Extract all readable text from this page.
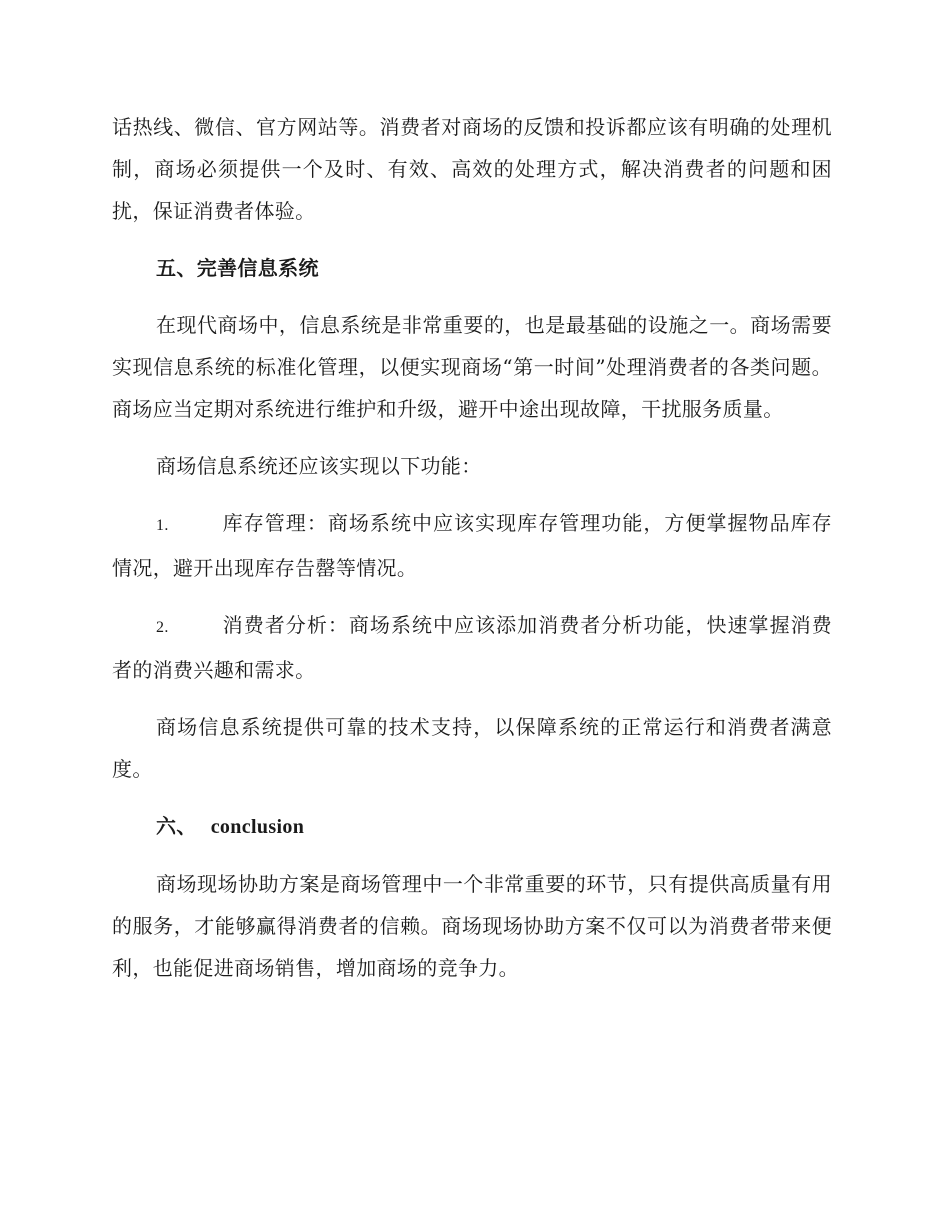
话热线、微信、官方网站等。消费者对商场的反馈和投诉都应该有明确的处理机制，商场必须提供一个及时、有效、高效的处理方式，解决消费者的问题和困扰，保证消费者体验。

五、完善信息系统

在现代商场中，信息系统是非常重要的，也是最基础的设施之一。商场需要实现信息系统的标准化管理，以便实现商场“第一时间”处理消费者的各类问题。商场应当定期对系统进行维护和升级，避开中途出现故障，干扰服务质量。

商场信息系统还应该实现以下功能：

1.	库存管理：商场系统中应该实现库存管理功能，方便掌握物品库存情况，避开出现库存告罄等情况。

2.	消费者分析：商场系统中应该添加消费者分析功能，快速掌握消费者的消费兴趣和需求。

商场信息系统提供可靠的技术支持，以保障系统的正常运行和消费者满意度。

六、 conclusion

商场现场协助方案是商场管理中一个非常重要的环节，只有提供高质量有用的服务，才能够赢得消费者的信赖。商场现场协助方案不仅可以为消费者带来便利，也能促进商场销售，增加商场的竞争力。
